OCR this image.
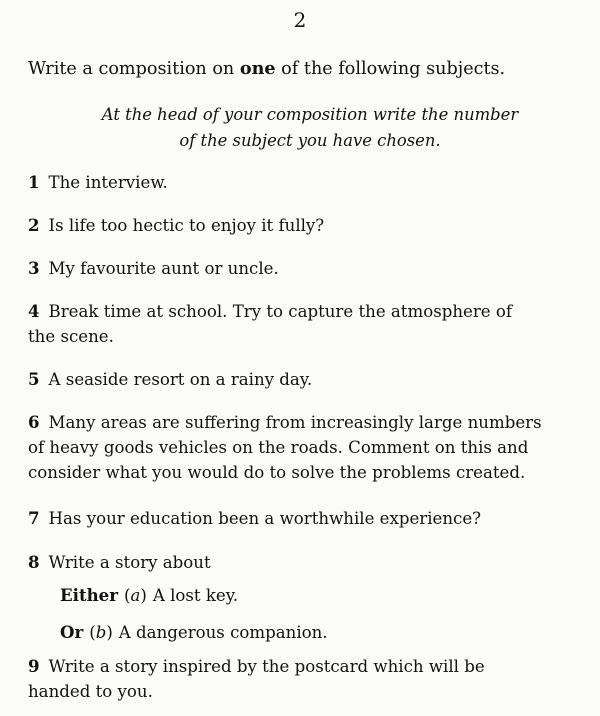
2
Write a composition on one of the following subjects.
At the head of your composition write the number
of the subject you have chosen.
1 The interview.
2 Is life too hectic to enjoy it fully?
3 My favourite aunt or uncle.
4 Break time at school. Try to capture the atmosphere of
the scene.
5 A seaside resort on a rainy day.
6 Many areas are suffering from increasingly large numbers
of heavy goods vehicles on the roads. Comment on this and
consider what you would do to solve the problems created.
7 Has your education been a worthwhile experience?
8 Write a story about
Either (a) A lost key.
Or (b) A dangerous companion.
9 Write a story inspired by the postcard which will be
handed to you.
